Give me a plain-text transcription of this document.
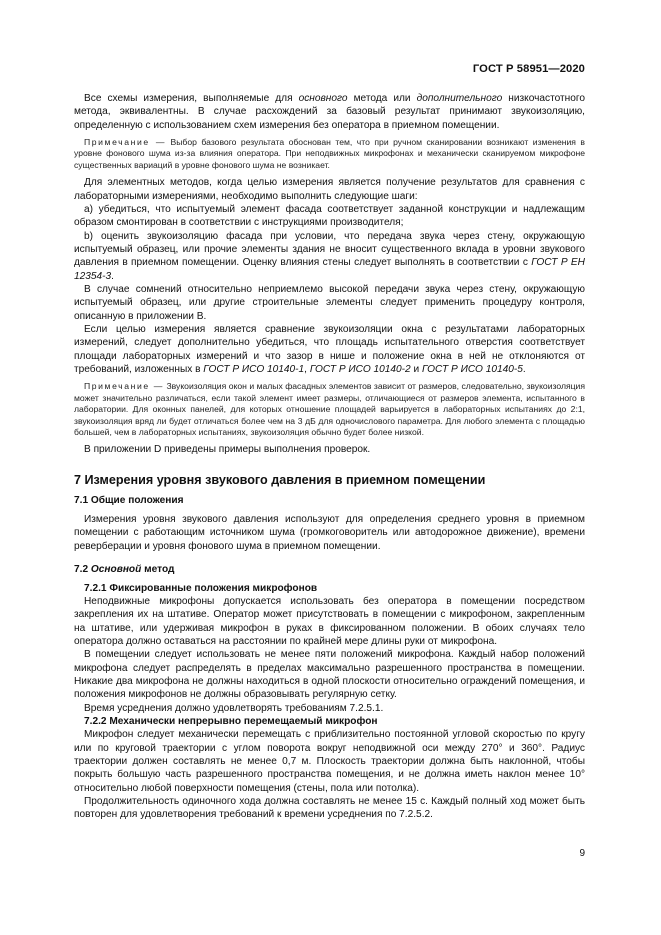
ГОСТ Р 58951—2020

Все схемы измерения, выполняемые для основного метода или дополнительного низкочастотного метода, эквивалентны. В случае расхождений за базовый результат принимают звукоизоляцию, определенную с использованием схем измерения без оператора в приемном помещении.

Примечание — Выбор базового результата обоснован тем, что при ручном сканировании возникают изменения в уровне фонового шума из-за влияния оператора. При неподвижных микрофонах и механически сканируемом микрофоне существенных вариаций в уровне фонового шума не возникает.

Для элементных методов, когда целью измерения является получение результатов для сравнения с лабораторными измерениями, необходимо выполнить следующие шаги:

a) убедиться, что испытуемый элемент фасада соответствует заданной конструкции и надлежащим образом смонтирован в соответствии с инструкциями производителя;

b) оценить звукоизоляцию фасада при условии, что передача звука через стену, окружающую испытуемый образец, или прочие элементы здания не вносит существенного вклада в уровни звукового давления в приемном помещении. Оценку влияния стены следует выполнять в соответствии с ГОСТ Р ЕН 12354-3.

В случае сомнений относительно неприемлемо высокой передачи звука через стену, окружающую испытуемый образец, или другие строительные элементы следует применить процедуру контроля, описанную в приложении B.

Если целью измерения является сравнение звукоизоляции окна с результатами лабораторных измерений, следует дополнительно убедиться, что площадь испытательного отверстия соответствует площади лабораторных измерений и что зазор в нише и положение окна в ней не отклоняются от требований, изложенных в ГОСТ Р ИСО 10140-1, ГОСТ Р ИСО 10140-2 и ГОСТ Р ИСО 10140-5.

Примечание — Звукоизоляция окон и малых фасадных элементов зависит от размеров, следовательно, звукоизоляция может значительно различаться, если такой элемент имеет размеры, отличающиеся от размеров элемента, испытанного в лаборатории. Для оконных панелей, для которых отношение площадей варьируется в лабораторных испытаниях до 2:1, звукоизоляция вряд ли будет отличаться более чем на 3 дБ для одночислового параметра. Для любого элемента с площадью большей, чем в лабораторных испытаниях, звукоизоляция обычно будет более низкой.

В приложении D приведены примеры выполнения проверок.

7 Измерения уровня звукового давления в приемном помещении

7.1 Общие положения

Измерения уровня звукового давления используют для определения среднего уровня в приемном помещении с работающим источником шума (громкоговоритель или автодорожное движение), времени реверберации и уровня фонового шума в приемном помещении.

7.2 Основной метод

7.2.1 Фиксированные положения микрофонов

Неподвижные микрофоны допускается использовать без оператора в помещении посредством закрепления их на штативе. Оператор может присутствовать в помещении с микрофоном, закрепленным на штативе, или удерживая микрофон в руках в фиксированном положении. В обоих случаях тело оператора должно оставаться на расстоянии по крайней мере длины руки от микрофона.

В помещении следует использовать не менее пяти положений микрофона. Каждый набор положений микрофона следует распределять в пределах максимально разрешенного пространства в помещении. Никакие два микрофона не должны находиться в одной плоскости относительно ограждений помещения, и положения микрофонов не должны образовывать регулярную сетку.

Время усреднения должно удовлетворять требованиям 7.2.5.1.

7.2.2 Механически непрерывно перемещаемый микрофон

Микрофон следует механически перемещать с приблизительно постоянной угловой скоростью по кругу или по круговой траектории с углом поворота вокруг неподвижной оси между 270° и 360°. Радиус траектории должен составлять не менее 0,7 м. Плоскость траектории должна быть наклонной, чтобы покрыть большую часть разрешенного пространства помещения, и не должна иметь наклон менее 10° относительно любой поверхности помещения (стены, пола или потолка).

Продолжительность одиночного хода должна составлять не менее 15 с. Каждый полный ход может быть повторен для удовлетворения требований к времени усреднения по 7.2.5.2.

9
